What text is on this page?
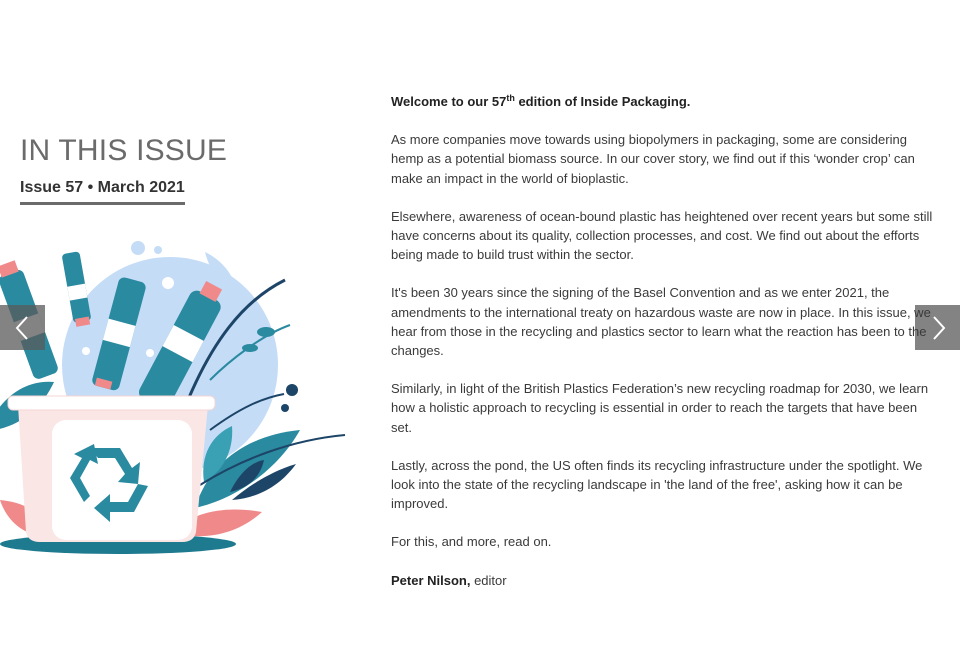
IN THIS ISSUE
Issue 57 • March 2021

Welcome to our 57th edition of Inside Packaging.

As more companies move towards using biopolymers in packaging, some are considering hemp as a potential biomass source. In our cover story, we find out if this ‘wonder crop’ can make an impact in the world of bioplastic.

Elsewhere, awareness of ocean-bound plastic has heightened over recent years but some still have concerns about its quality, collection processes, and cost. We find out about the efforts being made to build trust within the sector.

It's been 30 years since the signing of the Basel Convention and as we enter 2021, the amendments to the international treaty on hazardous waste are now in place. In this issue, we hear from those in the recycling and plastics sector to learn what the reaction has been to the changes.

Similarly, in light of the British Plastics Federation’s new recycling roadmap for 2030, we learn how a holistic approach to recycling is essential in order to reach the targets that have been set.

Lastly, across the pond, the US often finds its recycling infrastructure under the spotlight. We look into the state of the recycling landscape in 'the land of the free', asking how it can be improved.

For this, and more, read on.

Peter Nilson, editor
